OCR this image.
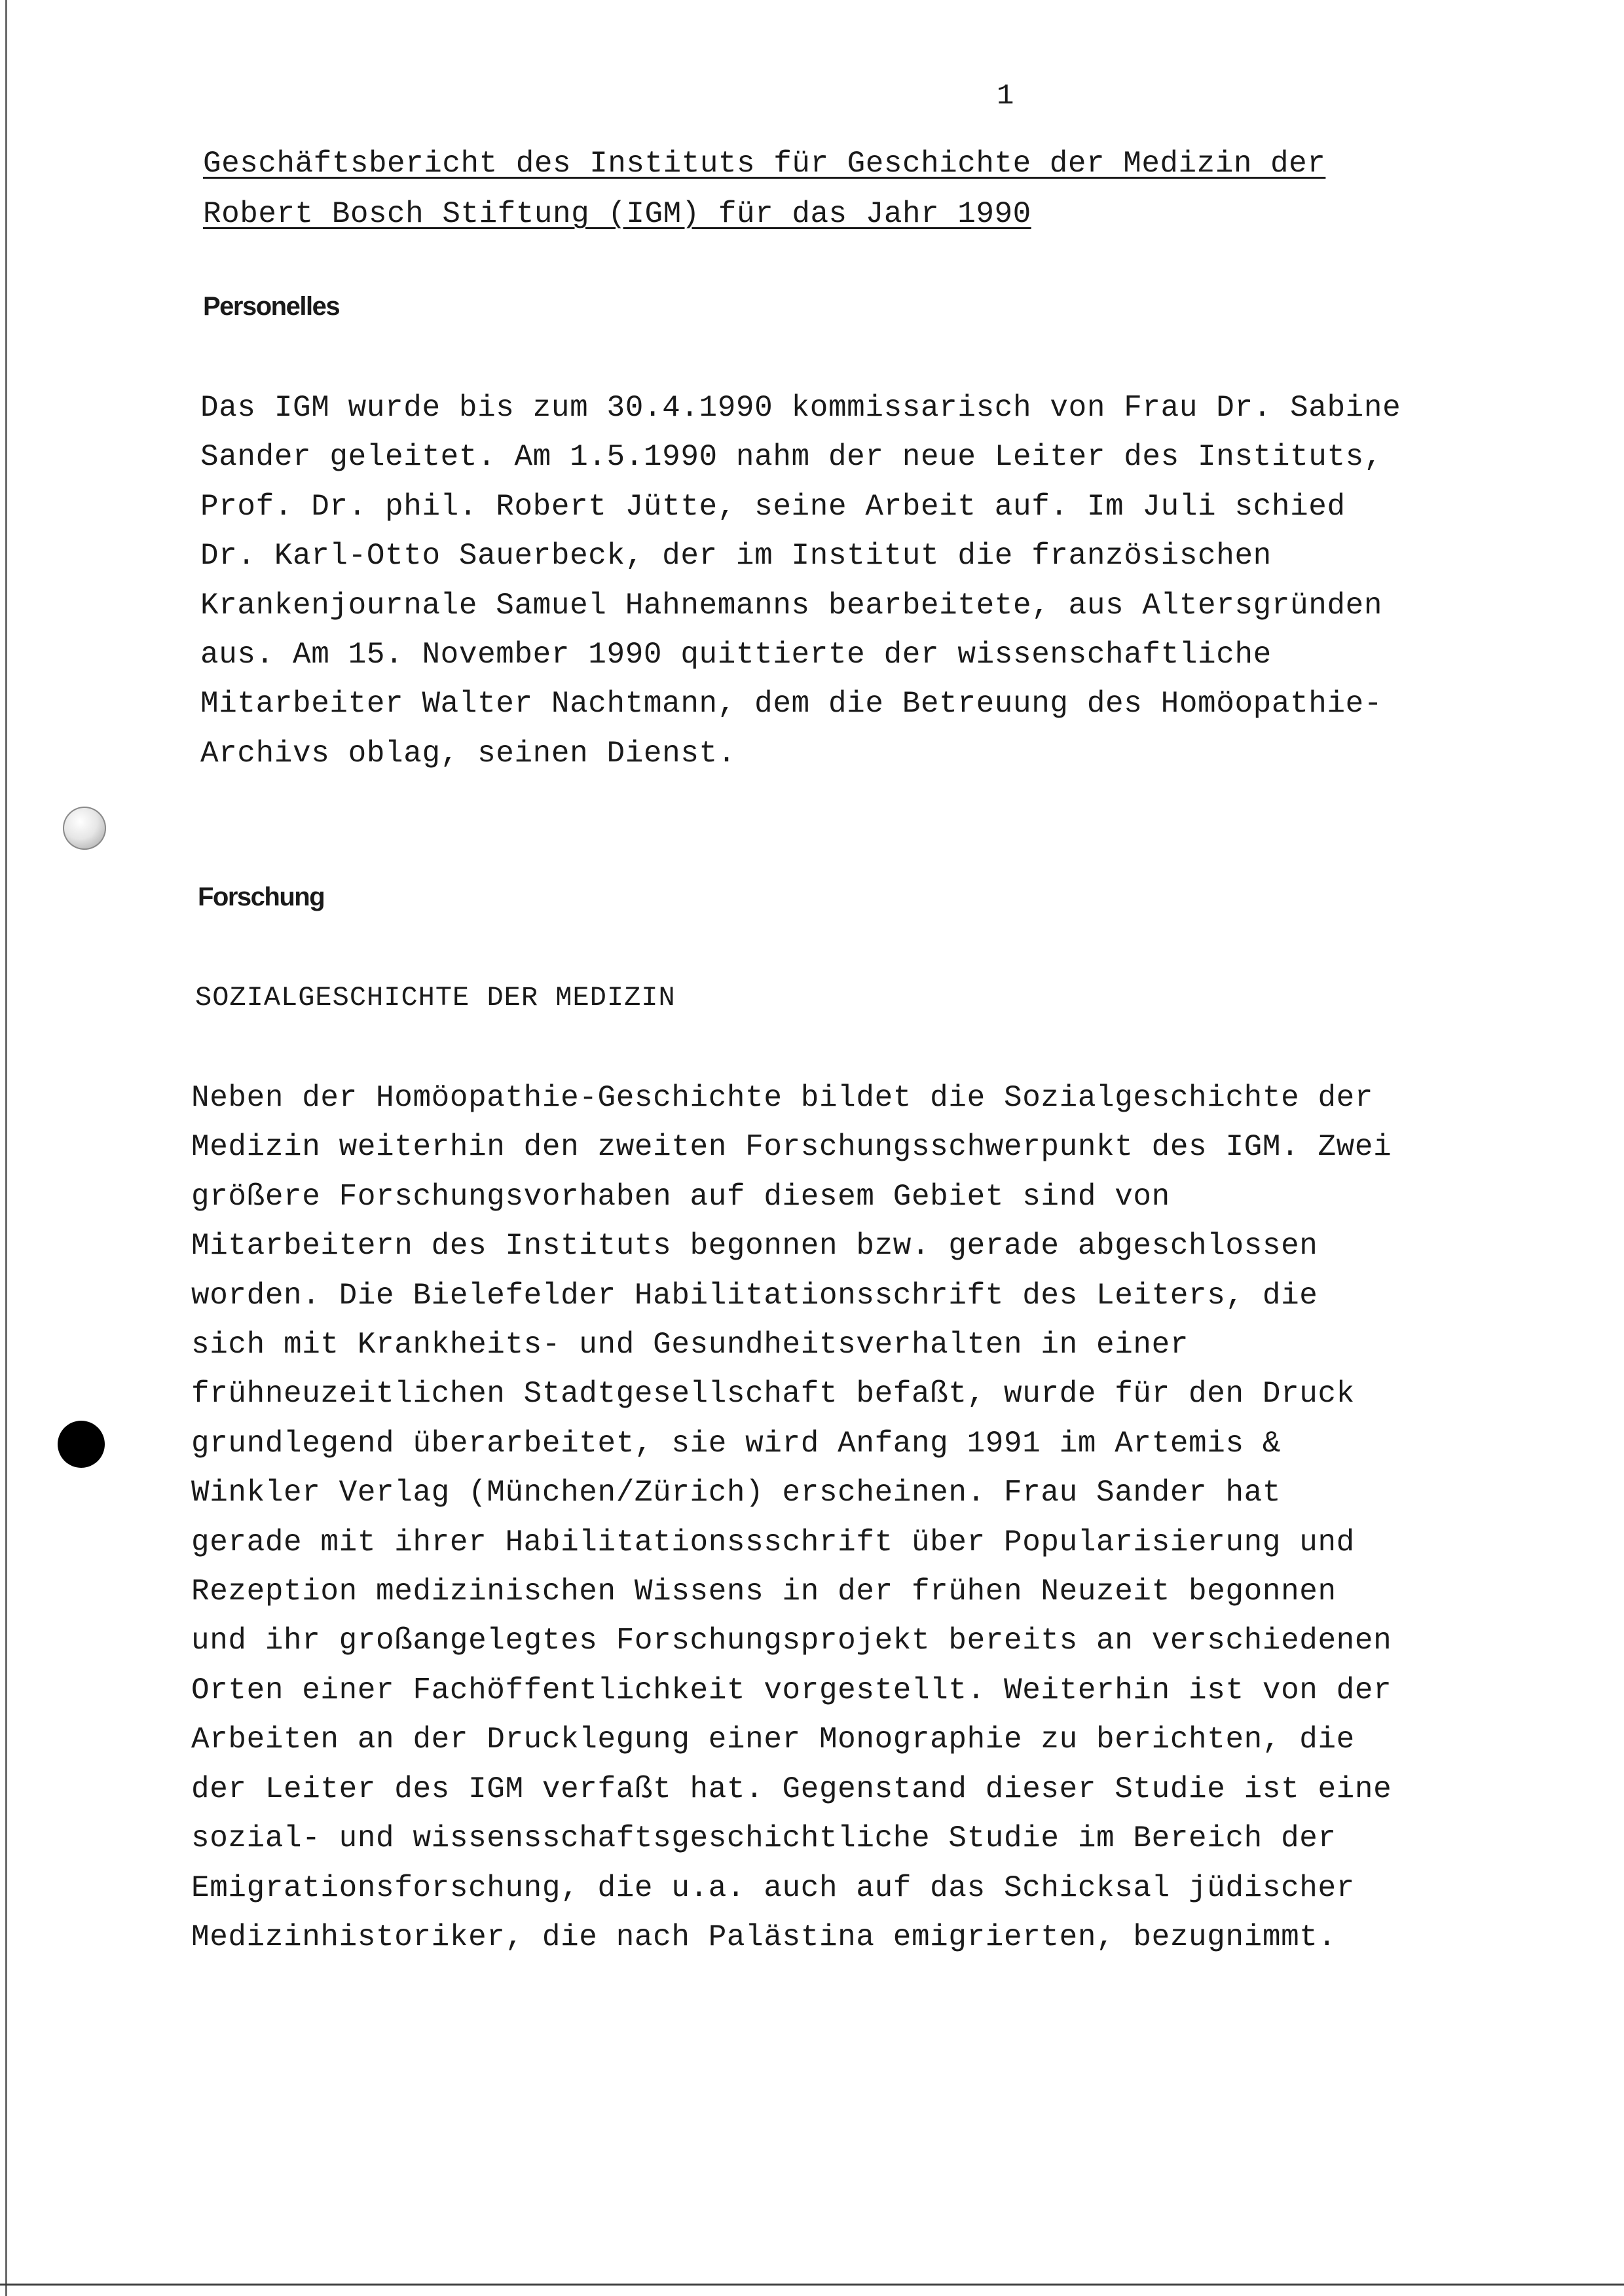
1
Geschäftsbericht des Instituts für Geschichte der Medizin der
Robert Bosch Stiftung (IGM) für das Jahr 1990
Personelles
Das IGM wurde bis zum 30.4.1990 kommissarisch von Frau Dr. Sabine
Sander geleitet. Am 1.5.1990 nahm der neue Leiter des Instituts,
Prof. Dr. phil. Robert Jütte, seine Arbeit auf. Im Juli schied
Dr. Karl-Otto Sauerbeck, der im Institut die französischen
Krankenjournale Samuel Hahnemanns bearbeitete, aus Altersgründen
aus. Am 15. November 1990 quittierte der wissenschaftliche
Mitarbeiter Walter Nachtmann, dem die Betreuung des Homöopathie-
Archivs oblag, seinen Dienst.
Forschung
SOZIALGESCHICHTE DER MEDIZIN
Neben der Homöopathie-Geschichte bildet die Sozialgeschichte der
Medizin weiterhin den zweiten Forschungsschwerpunkt des IGM. Zwei
größere Forschungsvorhaben auf diesem Gebiet sind von
Mitarbeitern des Instituts begonnen bzw. gerade abgeschlossen
worden. Die Bielefelder Habilitationsschrift des Leiters, die
sich mit Krankheits- und Gesundheitsverhalten in einer
frühneuzeitlichen Stadtgesellschaft befaßt, wurde für den Druck
grundlegend überarbeitet, sie wird Anfang 1991 im Artemis &
Winkler Verlag (München/Zürich) erscheinen. Frau Sander hat
gerade mit ihrer Habilitationssschrift über Popularisierung und
Rezeption medizinischen Wissens in der frühen Neuzeit begonnen
und ihr großangelegtes Forschungsprojekt bereits an verschiedenen
Orten einer Fachöffentlichkeit vorgestellt. Weiterhin ist von der
Arbeiten an der Drucklegung einer Monographie zu berichten, die
der Leiter des IGM verfaßt hat. Gegenstand dieser Studie ist eine
sozial- und wissensschaftsgeschichtliche Studie im Bereich der
Emigrationsforschung, die u.a. auch auf das Schicksal jüdischer
Medizinhistoriker, die nach Palästina emigrierten, bezugnimmt.
